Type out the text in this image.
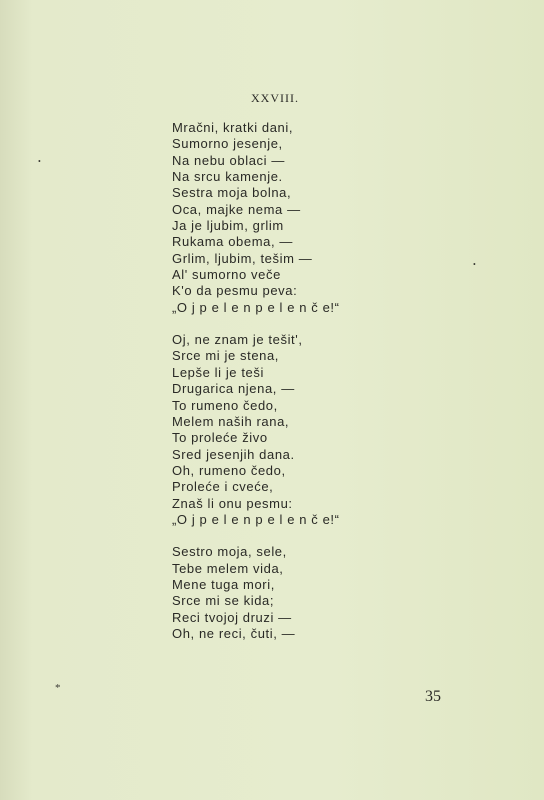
XXVIII.
Mračni, kratki dani,
Sumorno jesenje,
Na nebu oblaci —
Na srcu kamenje.
Sestra moja bolna,
Oca, majke nema —
Ja je ljubim, grlim
Rukama obema, —
Grlim, ljubim, tešim —
Al' sumorno veče
K'o da pesmu peva:
„O j p e l e n p e l e n č e!“
Oj, ne znam je tešit',
Srce mi je stena,
Lepše li je teši
Drugarica njena, —
To rumeno čedo,
Melem naših rana,
To proleće živo
Sred jesenjih dana.
Oh, rumeno čedo,
Proleće i cveće,
Znaš li onu pesmu:
„O j p e l e n p e l e n č e!“
Sestro moja, sele,
Tebe melem vida,
Mene tuga mori,
Srce mi se kida;
Reci tvojoj druzi —
Oh, ne reci, čuti, —
35
*
•
•
